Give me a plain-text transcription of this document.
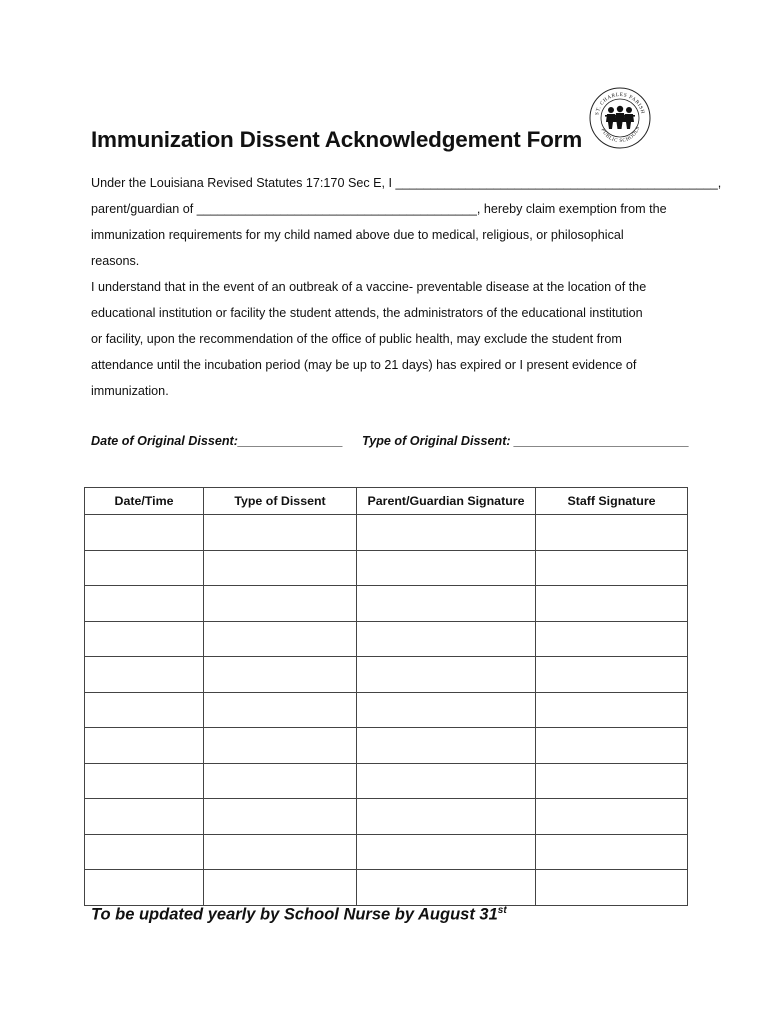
Immunization Dissent Acknowledgement Form
ST. CHARLES PARISH
PUBLIC SCHOOLS
Under the Louisiana Revised Statutes 17:170 Sec E, I ______________________________________________,
parent/guardian of ________________________________________, hereby claim exemption from the
immunization requirements for my child named above due to medical, religious, or philosophical
reasons.
I understand that in the event of an outbreak of a vaccine- preventable disease at the location of the
educational institution or facility the student attends, the administrators of the educational institution
or facility, upon the recommendation of the office of public health, may exclude the student from
attendance until the incubation period (may be up to 21 days) has expired or I present evidence of
immunization.
Date of Original Dissent:_______________ Type of Original Dissent: _________________________
Date/Time	Type of Dissent	Parent/Guardian Signature	Staff Signature

To be updated yearly by School Nurse by August 31st
